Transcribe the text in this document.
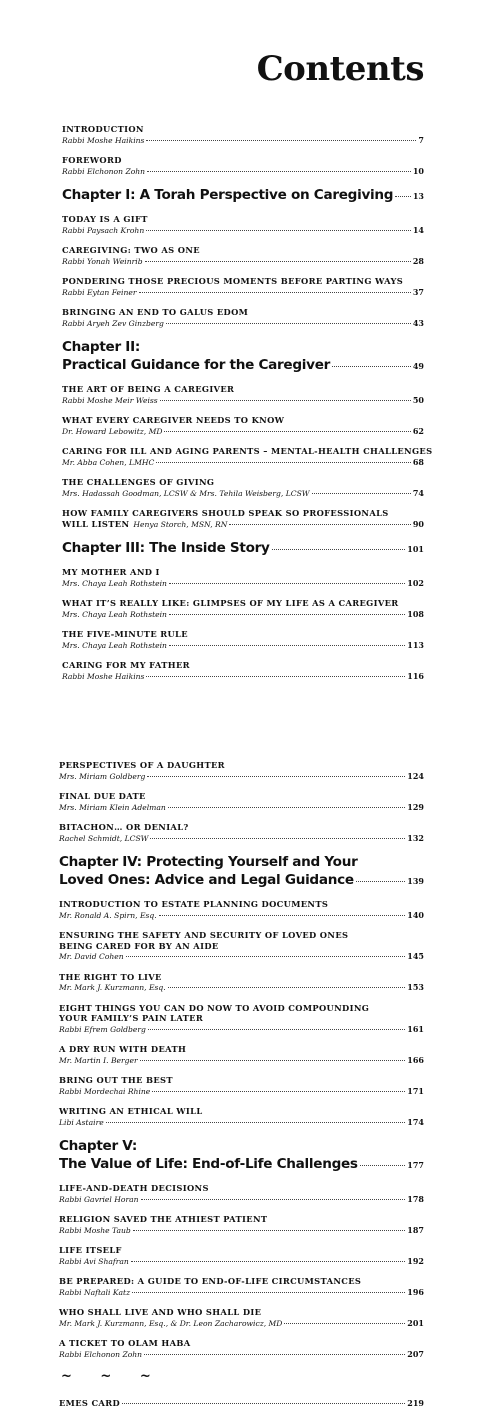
Contents
INTRODUCTION
Rabbi Moshe Haikins	7
FOREWORD
Rabbi Elchonon Zohn	10
Chapter I: A Torah Perspective on Caregiving 13
TODAY IS A GIFT
Rabbi Paysach Krohn	14
CAREGIVING: TWO AS ONE
Rabbi Yonah Weinrib	28
PONDERING THOSE PRECIOUS MOMENTS BEFORE PARTING WAYS
Rabbi Eytan Feiner	37
BRINGING AN END TO GALUS EDOM
Rabbi Aryeh Zev Ginzberg	43
Chapter II:
Practical Guidance for the Caregiver	49
THE ART OF BEING A CAREGIVER
Rabbi Moshe Meir Weiss	50
WHAT EVERY CAREGIVER NEEDS TO KNOW
Dr. Howard Lebowitz, MD	62
CARING FOR ILL AND AGING PARENTS – MENTAL-HEALTH CHALLENGES
Mr. Abba Cohen, LMHC	68
THE CHALLENGES OF GIVING
Mrs. Hadassah Goodman, LCSW & Mrs. Tehila Weisberg, LCSW	74
HOW FAMILY CAREGIVERS SHOULD SPEAK SO PROFESSIONALS
WILL LISTEN Henya Storch, MSN, RN	90
Chapter III: The Inside Story	101
MY MOTHER AND I
Mrs. Chaya Leah Rothstein	102
WHAT IT’S REALLY LIKE: GLIMPSES OF MY LIFE AS A CAREGIVER
Mrs. Chaya Leah Rothstein	108
THE FIVE-MINUTE RULE
Mrs. Chaya Leah Rothstein	113
CARING FOR MY FATHER
Rabbi Moshe Haikins	116
PERSPECTIVES OF A DAUGHTER
Mrs. Miriam Goldberg	124
FINAL DUE DATE
Mrs. Miriam Klein Adelman	129
BITACHON… OR DENIAL?
Rachel Schmidt, LCSW	132
Chapter IV: Protecting Yourself and Your
Loved Ones: Advice and Legal Guidance	139
INTRODUCTION TO ESTATE PLANNING DOCUMENTS
Mr. Ronald A. Spirn, Esq.	140
ENSURING THE SAFETY AND SECURITY OF LOVED ONES
BEING CARED FOR BY AN AIDE
Mr. David Cohen	145
THE RIGHT TO LIVE
Mr. Mark J. Kurzmann, Esq.	153
EIGHT THINGS YOU CAN DO NOW TO AVOID COMPOUNDING
YOUR FAMILY’S PAIN LATER
Rabbi Efrem Goldberg	161
A DRY RUN WITH DEATH
Mr. Martin I. Berger	166
BRING OUT THE BEST
Rabbi Mordechai Rhine	171
WRITING AN ETHICAL WILL
Libi Astaire	174
Chapter V:
The Value of Life: End-of-Life Challenges	177
LIFE-AND-DEATH DECISIONS
Rabbi Gavriel Horan	178
RELIGION SAVED THE ATHIEST PATIENT
Rabbi Moshe Taub	187
LIFE ITSELF
Rabbi Avi Shafran	192
BE PREPARED: A GUIDE TO END-OF-LIFE CIRCUMSTANCES
Rabbi Naftali Katz	196
WHO SHALL LIVE AND WHO SHALL DIE
Mr. Mark J. Kurzmann, Esq., & Dr. Leon Zacharowicz, MD	201
A TICKET TO OLAM HABA
Rabbi Elchonon Zohn	207
~ ~ ~
EMES CARD	219
